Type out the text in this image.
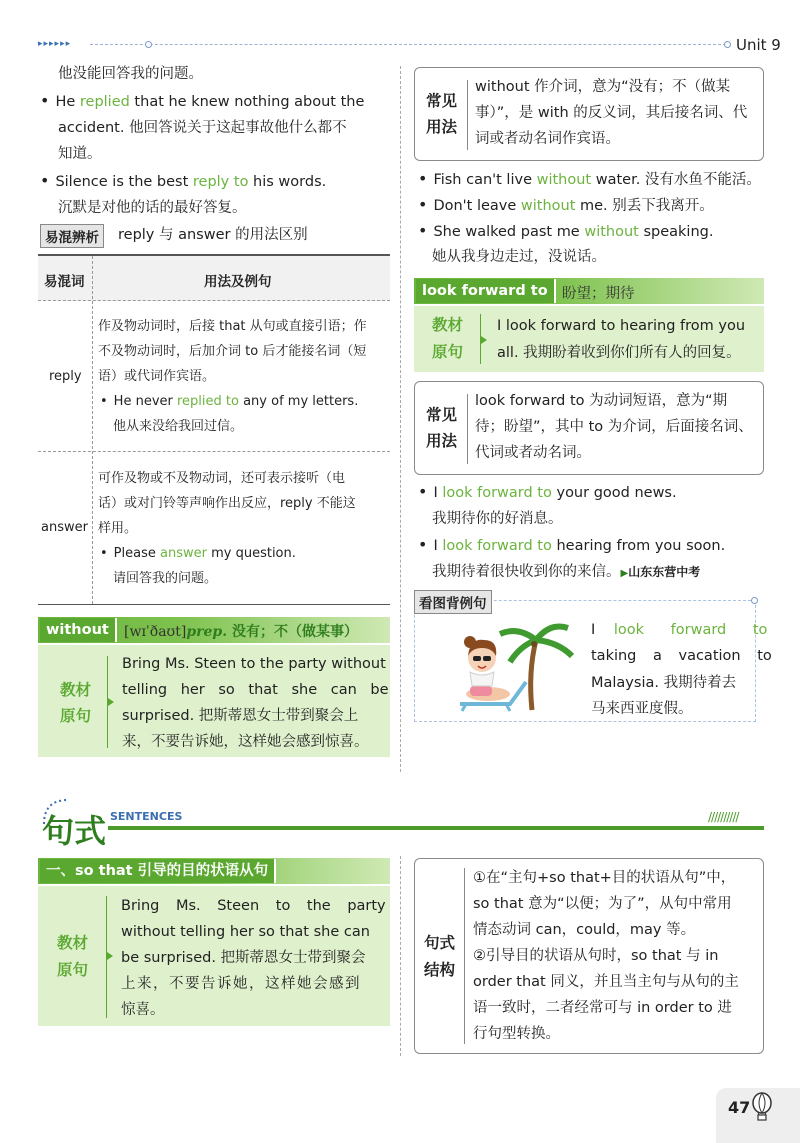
▸▸▸▸▸▸	Unit 9
他没能回答我的问题。
• He replied that he knew nothing about the
accident. 他回答说关于这起事故他什么都不
知道。
• Silence is the best reply to his words.
沉默是对他的话的最好答复。
易混辨析	reply 与 answer 的用法区别
易混词	用法及例句
reply
作及物动词时，后接 that 从句或直接引语；作
不及物动词时，后加介词 to 后才能接名词（短
语）或代词作宾语。
• He never replied to any of my letters.
他从来没给我回过信。
answer
可作及物或不及物动词，还可表示接听（电
话）或对门铃等声响作出反应，reply 不能这
样用。
• Please answer my question.
请回答我的问题。
without	[wɪˈðaʊt]prep. 没有；不（做某事）
教材
原句
Bring Ms. Steen to the party without
telling her so that she can be
surprised. 把斯蒂恩女士带到聚会上
来，不要告诉她，这样她会感到惊喜。
常见
用法
without 作介词，意为“没有；不（做某
事）”，是 with 的反义词，其后接名词、代
词或者动名词作宾语。
• Fish can't live without water. 没有水鱼不能活。
• Don't leave without me. 别丢下我离开。
• She walked past me without speaking.
她从我身边走过，没说话。
look forward to 盼望；期待
教材
原句
I look forward to hearing from you
all. 我期盼着收到你们所有人的回复。
常见
用法
look forward to 为动词短语，意为“期
待；盼望”，其中 to 为介词，后面接名词、
代词或者动名词。
• I look forward to your good news.
我期待你的好消息。
• I look forward to hearing from you soon.
我期待着很快收到你的来信。▶山东东营中考
看图背例句
I look forward to
taking a vacation to
Malaysia. 我期待着去
马来西亚度假。
句式 SENTENCES	//////////
一、so that 引导的目的状语从句
教材
原句
Bring Ms. Steen to the party
without telling her so that she can
be surprised. 把斯蒂恩女士带到聚会
上来，不要告诉她，这样她会感到
惊喜。
句式
结构
①在“主句+so that+目的状语从句”中，
so that 意为“以便；为了”，从句中常用
情态动词 can，could，may 等。
②引导目的状语从句时，so that 与 in
order that 同义，并且当主句与从句的主
语一致时，二者经常可与 in order to 进
行句型转换。
47
